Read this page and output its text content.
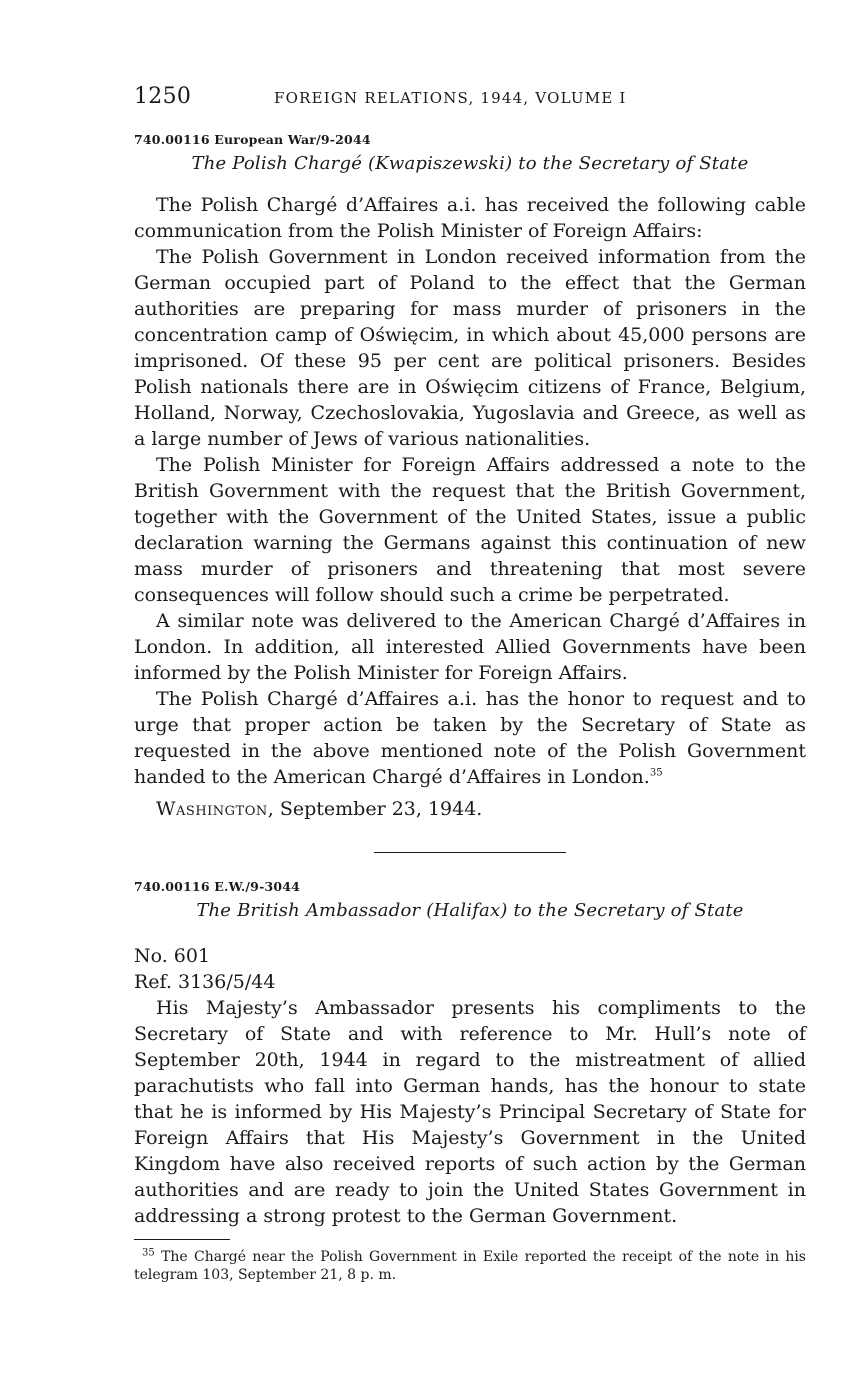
1250	FOREIGN RELATIONS, 1944, VOLUME I
740.00116 European War/9-2044
The Polish Chargé (Kwapiszewski) to the Secretary of State

The Polish Chargé d’Affaires a.i. has received the following cable communication from the Polish Minister of Foreign Affairs:

The Polish Government in London received information from the German occupied part of Poland to the effect that the German authorities are preparing for mass murder of prisoners in the concentration camp of Oświęcim, in which about 45,000 persons are imprisoned. Of these 95 per cent are political prisoners. Besides Polish nationals there are in Oświęcim citizens of France, Belgium, Holland, Norway, Czechoslovakia, Yugoslavia and Greece, as well as a large number of Jews of various nationalities.

The Polish Minister for Foreign Affairs addressed a note to the British Government with the request that the British Government, together with the Government of the United States, issue a public declaration warning the Germans against this continuation of new mass murder of prisoners and threatening that most severe consequences will follow should such a crime be perpetrated.

A similar note was delivered to the American Chargé d’Affaires in London. In addition, all interested Allied Governments have been informed by the Polish Minister for Foreign Affairs.

The Polish Chargé d’Affaires a.i. has the honor to request and to urge that proper action be taken by the Secretary of State as requested in the above mentioned note of the Polish Government handed to the American Chargé d’Affaires in London.$^{35}$

Washington, September 23, 1944.

740.00116 E.W./9-3044
The British Ambassador (Halifax) to the Secretary of State
No. 601
Ref. 3136/5/44

His Majesty’s Ambassador presents his compliments to the Secretary of State and with reference to Mr. Hull’s note of September 20th, 1944 in regard to the mistreatment of allied parachutists who fall into German hands, has the honour to state that he is informed by His Majesty’s Principal Secretary of State for Foreign Affairs that His Majesty’s Government in the United Kingdom have also received reports of such action by the German authorities and are ready to join the United States Government in addressing a strong protest to the German Government.

$^{35}$ The Chargé near the Polish Government in Exile reported the receipt of the note in his telegram 103, September 21, 8 p. m.
